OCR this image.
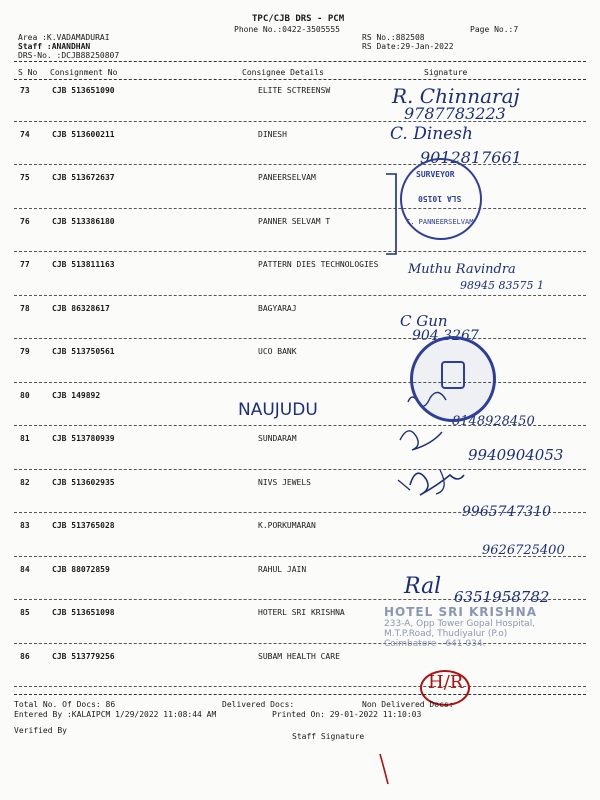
TPC/CJB DRS - PCM
Phone No.:0422-3505555	Page No.:7
Area :K.VADAMADURAI
Staff :ANANDHAN
DRS-No. :DCJB88250807
RS No.:882508
RS Date:29-Jan-2022
S No Consignment No	Consignee Details	Signature
73	CJB 513651090	ELITE SCTREENSW
74	CJB 513600211	DINESH
75	CJB 513672637	PANEERSELVAM
76	CJB 513386180	PANNER SELVAM T
77	CJB 513811163	PATTERN DIES TECHNOLOGIES
78	CJB 86328617	BAGYARAJ
79	CJB 513750561	UCO BANK
80	CJB 149892
81	CJB 513780939	SUNDARAM
82	CJB 513602935	NIVS JEWELS
83	CJB 513765028	K.PORKUMARAN
84	CJB 88072859	RAHUL JAIN
85	CJB 513651098	HOTERL SRI KRISHNA
86	CJB 513779256	SUBAM HEALTH CARE
R. Chinnaraj
9787783223
C. Dinesh
9012817661
Muthu Ravindra
98945 83575 1
C Gun
904 3267
NAUJUDU
8148928450
9940904053
9965747310
9626725400
Ral 6351958782
H/R
SURVEYOR
SLA 10150
T. PANNEERSELVAM
HOTEL SRI KRISHNA
233-A, Opp Tower Gopal Hospital,
M.T.P.Road, Thudiyalur (P.o)
Coimbatore - 641 034.
Total No. Of Docs: 86	Delivered Docs:	Non Delivered Docs:
Entered By :KALAIPCM 1/29/2022 11:08:44 AM	Printed On: 29-01-2022 11:10:03
Verified By
Staff Signature
